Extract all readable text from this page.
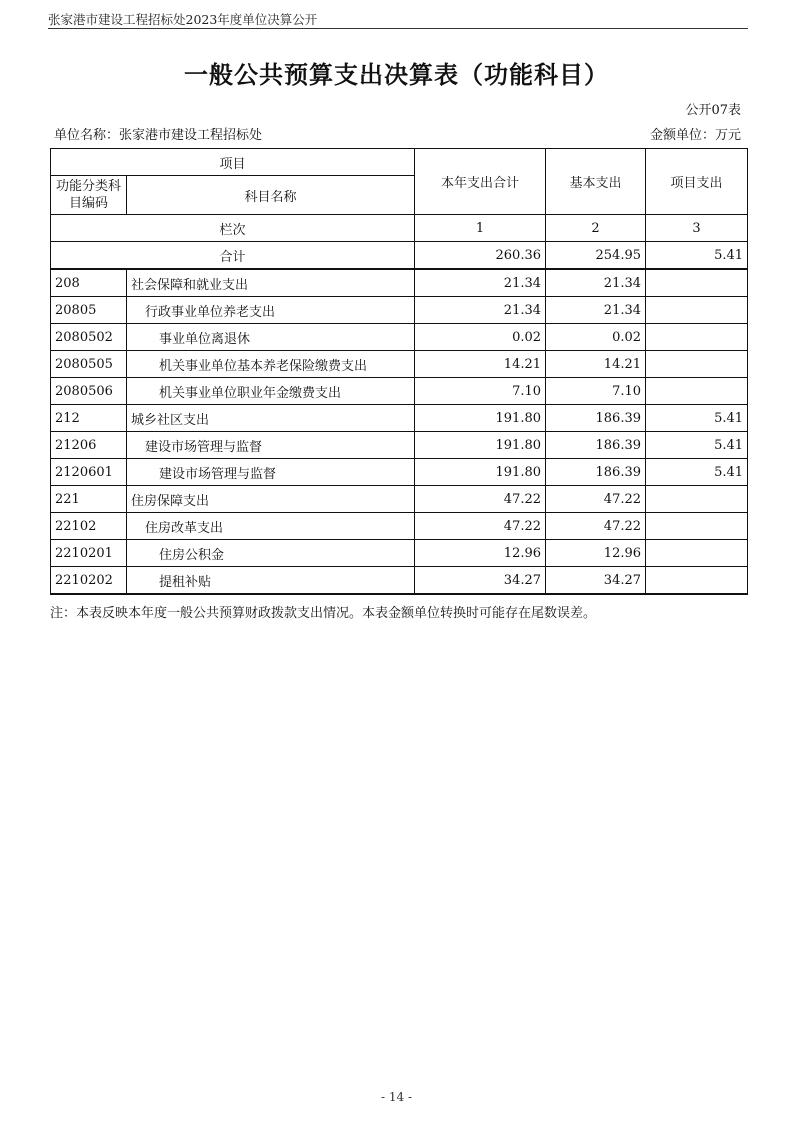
张家港市建设工程招标处2023年度单位决算公开
一般公共预算支出决算表（功能科目）
公开07表
单位名称：张家港市建设工程招标处	金额单位：万元
项目		本年支出合计	基本支出	项目支出
功能分类科目编码	科目名称			
栏次		1	2	3
合计		260.36	254.95	5.41
208	社会保障和就业支出	21.34	21.34	
20805	行政事业单位养老支出	21.34	21.34	
2080502	事业单位离退休	0.02	0.02	
2080505	机关事业单位基本养老保险缴费支出	14.21	14.21	
2080506	机关事业单位职业年金缴费支出	7.10	7.10	
212	城乡社区支出	191.80	186.39	5.41
21206	建设市场管理与监督	191.80	186.39	5.41
2120601	建设市场管理与监督	191.80	186.39	5.41
221	住房保障支出	47.22	47.22	
22102	住房改革支出	47.22	47.22	
2210201	住房公积金	12.96	12.96	
2210202	提租补贴	34.27	34.27	
注：本表反映本年度一般公共预算财政拨款支出情况。本表金额单位转换时可能存在尾数误差。
- 14 -
